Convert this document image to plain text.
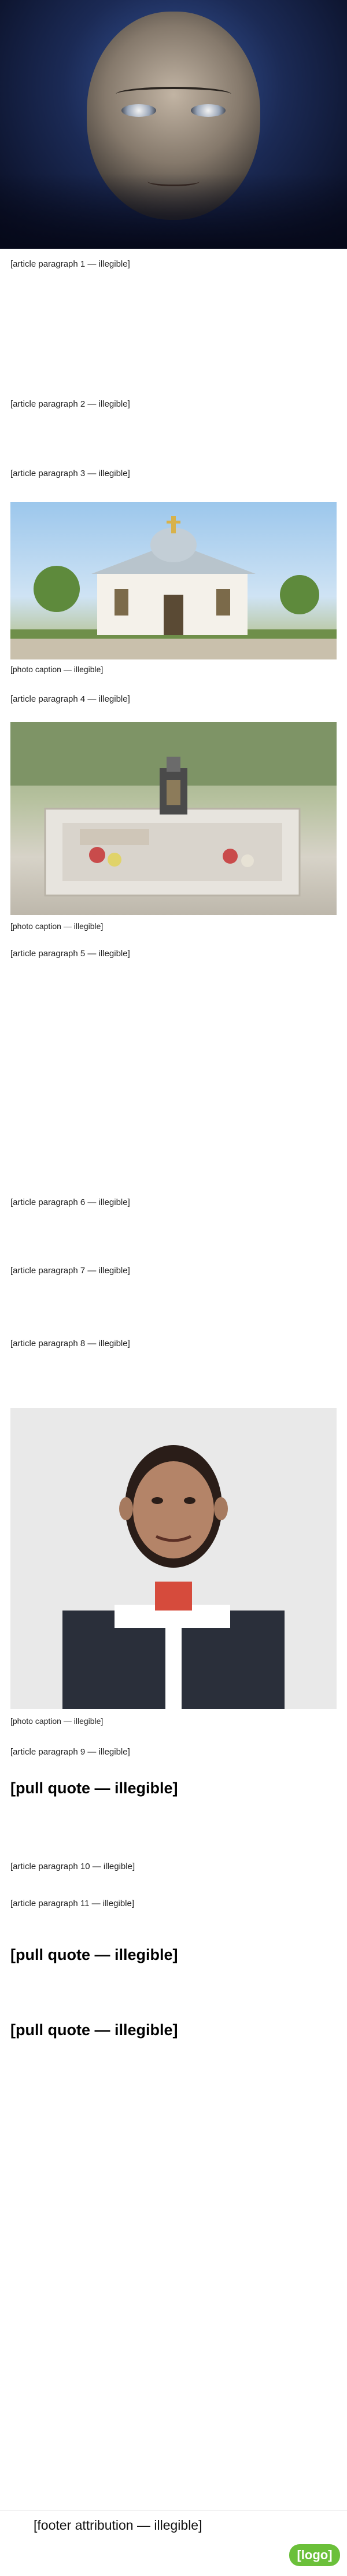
[article paragraph 1 — illegible]

[article paragraph 2 — illegible]

[article paragraph 3 — illegible]

[photo caption — illegible]

[article paragraph 4 — illegible]

[photo caption — illegible]

[article paragraph 5 — illegible]

[article paragraph 6 — illegible]

[article paragraph 7 — illegible]

[article paragraph 8 — illegible]

[photo caption — illegible]

[article paragraph 9 — illegible]

[pull quote — illegible]

[article paragraph 10 — illegible]

[article paragraph 11 — illegible]

[pull quote — illegible]

[pull quote — illegible]

[footer attribution — illegible]
[logo]
